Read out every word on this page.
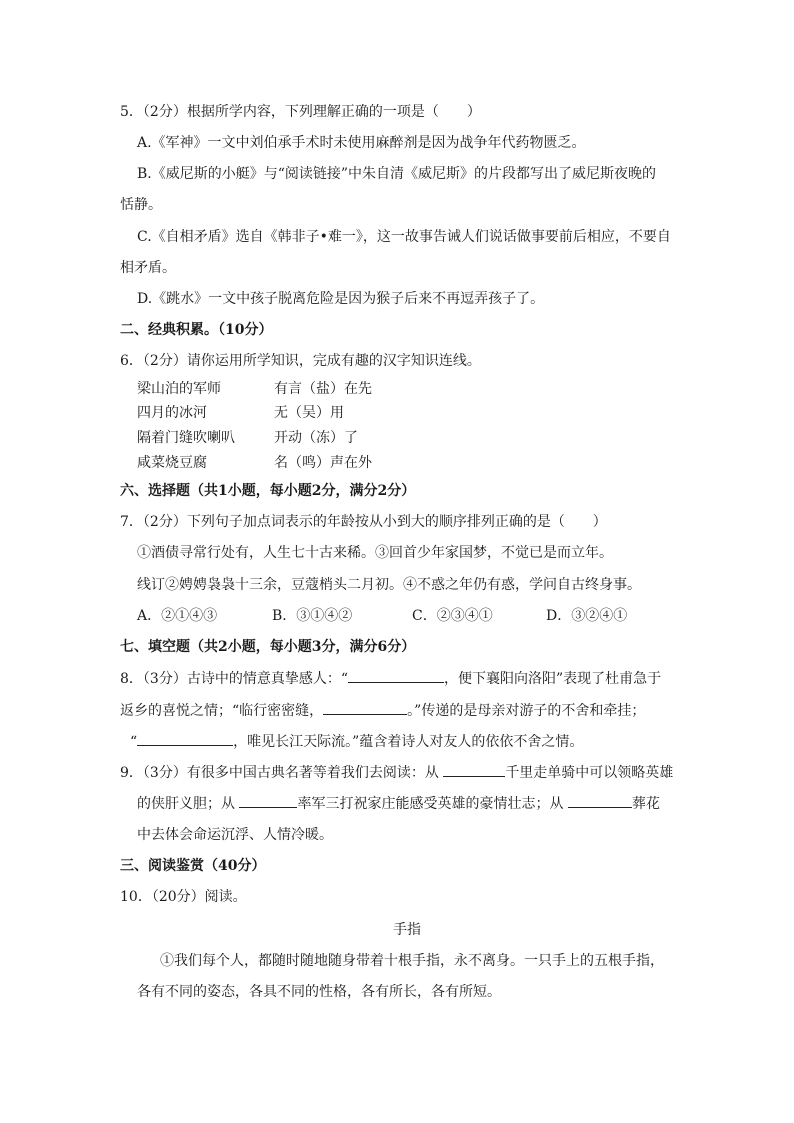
5．（2分）根据所学内容，下列理解正确的一项是（　　）
A.《军神》一文中刘伯承手术时未使用麻醉剂是因为战争年代药物匮乏。
B.《威尼斯的小艇》与“阅读链接”中朱自清《威尼斯》的片段都写出了威尼斯夜晚的
恬静。
C.《自相矛盾》选自《韩非子•难一》，这一故事告诫人们说话做事要前后相应，不要自
相矛盾。
D.《跳水》一文中孩子脱离危险是因为猴子后来不再逗弄孩子了。
二、经典积累。（10分）
6．（2分）请你运用所学知识，完成有趣的汉字知识连线。
梁山泊的军师	有言（盐）在先
四月的冰河	无（吴）用
隔着门缝吹喇叭	开动（冻）了
咸菜烧豆腐	名（鸣）声在外
六、选择题（共1小题，每小题2分，满分2分）
7．（2分）下列句子加点词表示的年龄按从小到大的顺序排列正确的是（　　）
①酒债寻常行处有，人生七十古来稀。③回首少年家国梦，不觉已是而立年。
线订②娉娉袅袅十三余，豆蔻梢头二月初。④不惑之年仍有惑，学问自古终身事。
A．②①④③	B．③①④②	C．②③④①	D．③②④①
七、填空题（共2小题，每小题3分，满分6分）
8．（3分）古诗中的情意真挚感人：“	，便下襄阳向洛阳”表现了杜甫急于
返乡的喜悦之情；“临行密密缝，	。”传递的是母亲对游子的不舍和牵挂；
“	，唯见长江天际流。”蕴含着诗人对友人的依依不舍之情。
9．（3分）有很多中国古典名著等着我们去阅读：从	千里走单骑中可以领略英雄
的侠肝义胆；从	率军三打祝家庄能感受英雄的豪情壮志；从	葬花
中去体会命运沉浮、人情冷暖。
三、阅读鉴赏（40分）
10．（20分）阅读。
手指
①我们每个人，都随时随地随身带着十根手指，永不离身。一只手上的五根手指，
各有不同的姿态，各具不同的性格，各有所长，各有所短。
